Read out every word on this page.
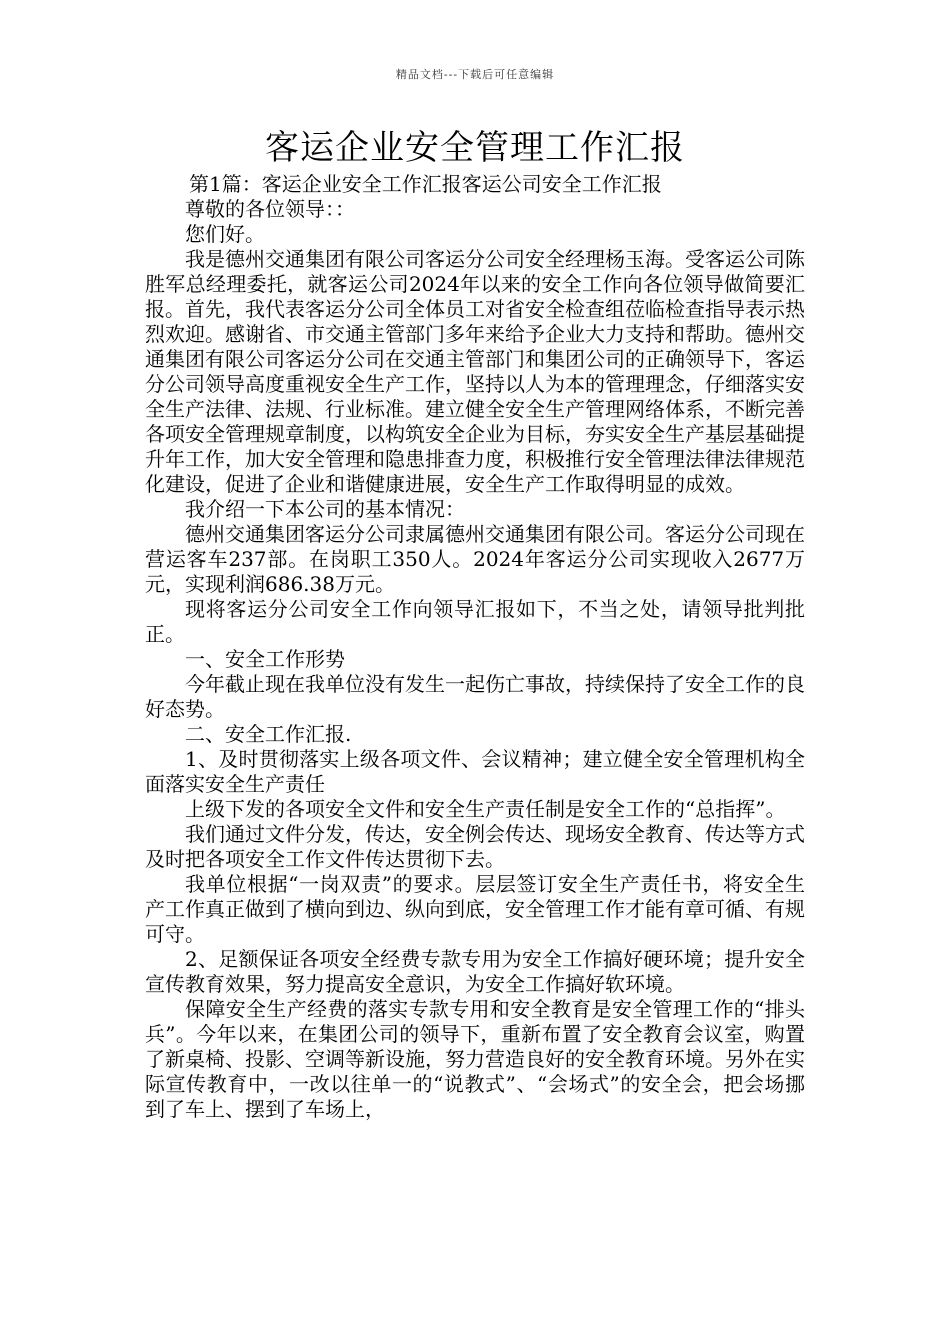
精品文档---下载后可任意编辑
客运企业安全管理工作汇报

第1篇：客运企业安全工作汇报客运公司安全工作汇报

尊敬的各位领导：：

您们好。

我是德州交通集团有限公司客运分公司安全经理杨玉海。受客运公司陈胜军总经理委托，就客运公司2024年以来的安全工作向各位领导做简要汇报。首先，我代表客运分公司全体员工对省安全检查组莅临检查指导表示热烈欢迎。感谢省、市交通主管部门多年来给予企业大力支持和帮助。德州交通集团有限公司客运分公司在交通主管部门和集团公司的正确领导下，客运分公司领导高度重视安全生产工作，坚持以人为本的管理理念，仔细落实安全生产法律、法规、行业标准。建立健全安全生产管理网络体系，不断完善各项安全管理规章制度，以构筑安全企业为目标，夯实安全生产基层基础提升年工作，加大安全管理和隐患排查力度，积极推行安全管理法律法律规范化建设，促进了企业和谐健康进展，安全生产工作取得明显的成效。

我介绍一下本公司的基本情况：

德州交通集团客运分公司隶属德州交通集团有限公司。客运分公司现在营运客车237部。在岗职工350人。2024年客运分公司实现收入2677万元，实现利润686.38万元。

现将客运分公司安全工作向领导汇报如下，不当之处，请领导批判批正。

一、安全工作形势

今年截止现在我单位没有发生一起伤亡事故，持续保持了安全工作的良好态势。

二、安全工作汇报.

1、及时贯彻落实上级各项文件、会议精神；建立健全安全管理机构全面落实安全生产责任

上级下发的各项安全文件和安全生产责任制是安全工作的“总指挥”。

我们通过文件分发，传达，安全例会传达、现场安全教育、传达等方式及时把各项安全工作文件传达贯彻下去。

我单位根据“一岗双责”的要求。层层签订安全生产责任书，将安全生产工作真正做到了横向到边、纵向到底，安全管理工作才能有章可循、有规可守。

2、足额保证各项安全经费专款专用为安全工作搞好硬环境；提升安全宣传教育效果，努力提高安全意识，为安全工作搞好软环境。

保障安全生产经费的落实专款专用和安全教育是安全管理工作的“排头兵”。今年以来，在集团公司的领导下，重新布置了安全教育会议室，购置了新桌椅、投影、空调等新设施，努力营造良好的安全教育环境。另外在实际宣传教育中，一改以往单一的“说教式”、“会场式”的安全会，把会场挪到了车上、摆到了车场上，
